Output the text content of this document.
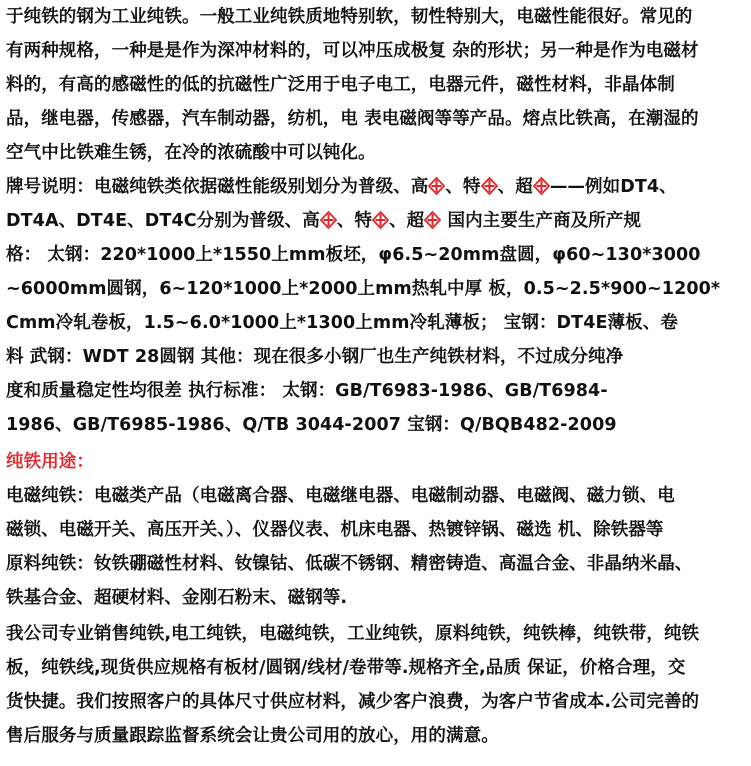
于纯铁的钢为工业纯铁。一般工业纯铁质地特别软，韧性特别大，电磁性能很好。常见的
有两种规格，一种是是作为深冲材料的，可以冲压成极复 杂的形状；另一种是作为电磁材
料的，有高的感磁性的低的抗磁性广泛用于电子电工，电器元件，磁性材料，非晶体制
品，继电器，传感器，汽车制动器，纺机，电 表电磁阀等等产品。熔点比铁高，在潮湿的
空气中比铁难生锈，在冷的浓硫酸中可以钝化。
牌号说明：电磁纯铁类依据磁性能级别划分为普级、高 、特 、超 ——例如DT4、
DT4A、DT4E、DT4C分别为普级、高 、特 、超
国内主要生产商及所产规
格： 太钢：220*1000上*1550上mm板坯，φ6.5~20mm盘圆，φ60~130*3000
~6000mm圆钢，6~120*1000上*2000上mm热轧中厚 板，0.5~2.5*900~1200*
Cmm冷轧卷板，1.5~6.0*1000上*1300上mm冷轧薄板； 宝钢：DT4E薄板、卷
料 武钢：WDT 28圆钢 其他：现在很多小钢厂也生产纯铁材料，不过成分纯净
度和质量稳定性均很差 执行标准： 太钢：GB/T6983-1986、GB/T6984-
1986、GB/T6985-1986、Q/TB 3044-2007 宝钢：Q/BQB482-2009
纯铁用途：
电磁纯铁：电磁类产品（电磁离合器、电磁继电器、电磁制动器、电磁阀、磁力锁、电
磁锁、电磁开关、高压开关、）、仪器仪表、机床电器、热镀锌锅、磁选 机、除铁器等
原料纯铁：钕铁硼磁性材料、钕镍钴、低碳不锈钢、精密铸造、高温合金、非晶纳米晶、
铁基合金、超硬材料、金刚石粉末、磁钢等.
我公司专业销售纯铁,电工纯铁，电磁纯铁，工业纯铁，原料纯铁，纯铁棒，纯铁带，纯铁
板，纯铁线,现货供应规格有板材/圆钢/线材/卷带等.规格齐全,品质 保证，价格合理，交
货快捷。我们按照客户的具体尺寸供应材料，减少客户浪费，为客户节省成本.公司完善的
售后服务与质量跟踪监督系统会让贵公司用的放心，用的满意。
